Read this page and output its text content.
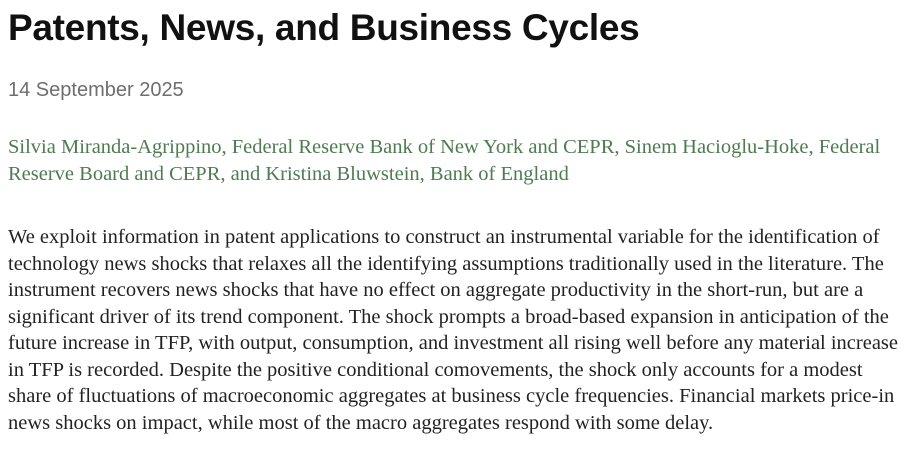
Patents, News, and Business Cycles
14 September 2025

Silvia Miranda-Agrippino, Federal Reserve Bank of New York and CEPR, Sinem Hacioglu-Hoke, Federal Reserve Board and CEPR, and Kristina Bluwstein, Bank of England

We exploit information in patent applications to construct an instrumental variable for the identification of technology news shocks that relaxes all the identifying assumptions traditionally used in the literature. The instrument recovers news shocks that have no effect on aggregate productivity in the short-run, but are a significant driver of its trend component. The shock prompts a broad-based expansion in anticipation of the future increase in TFP, with output, consumption, and investment all rising well before any material increase in TFP is recorded. Despite the positive conditional comovements, the shock only accounts for a modest share of fluctuations of macroeconomic aggregates at business cycle frequencies. Financial markets price-in news shocks on impact, while most of the macro aggregates respond with some delay.
